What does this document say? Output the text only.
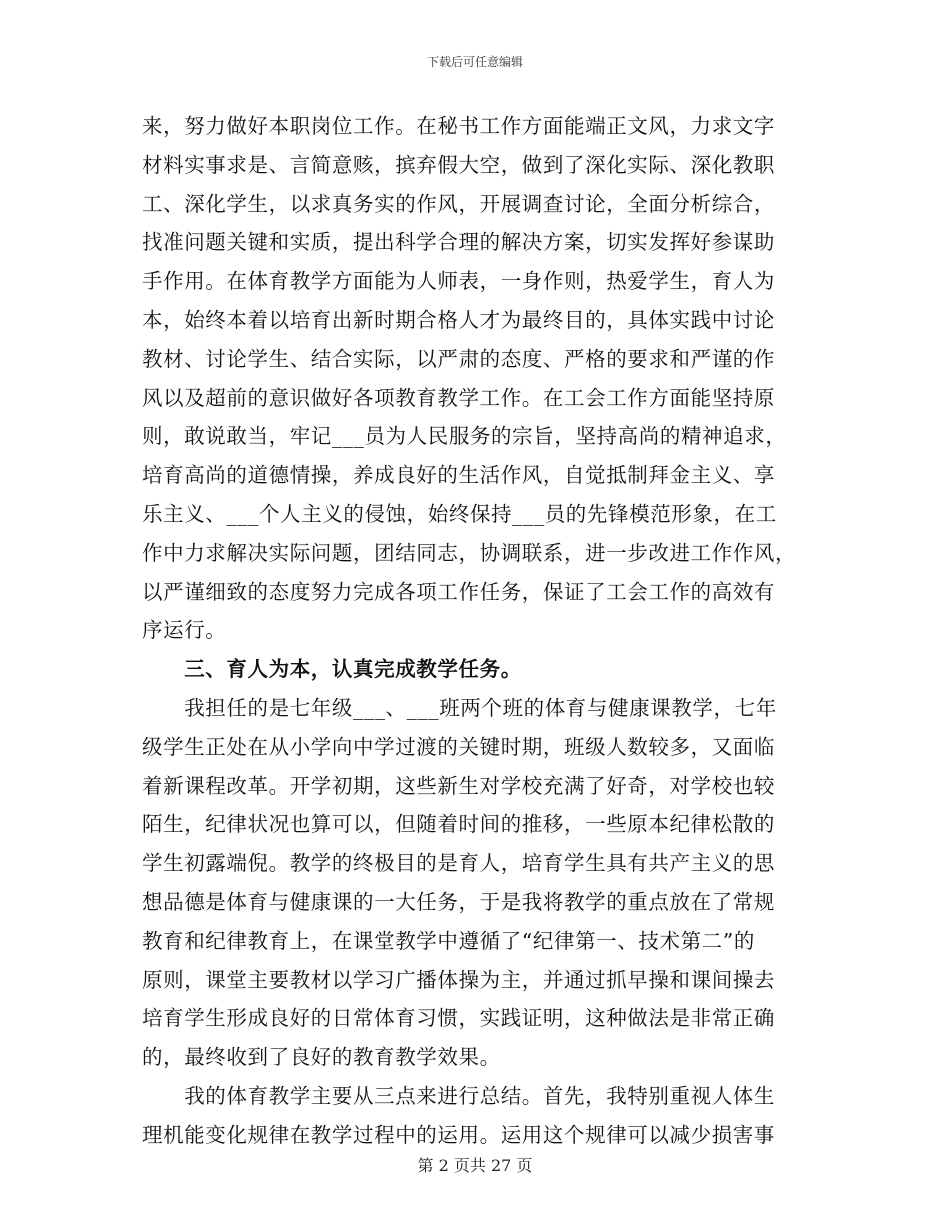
下载后可任意编辑
来，努力做好本职岗位工作。在秘书工作方面能端正文风，力求文字
材料实事求是、言简意赅，摈弃假大空，做到了深化实际、深化教职
工、深化学生，以求真务实的作风，开展调查讨论，全面分析综合，
找准问题关键和实质，提出科学合理的解决方案，切实发挥好参谋助
手作用。在体育教学方面能为人师表，一身作则，热爱学生，育人为
本，始终本着以培育出新时期合格人才为最终目的，具体实践中讨论
教材、讨论学生、结合实际，以严肃的态度、严格的要求和严谨的作
风以及超前的意识做好各项教育教学工作。在工会工作方面能坚持原
则，敢说敢当，牢记___员为人民服务的宗旨，坚持高尚的精神追求，
培育高尚的道德情操，养成良好的生活作风，自觉抵制拜金主义、享
乐主义、___个人主义的侵蚀，始终保持___员的先锋模范形象，在工
作中力求解决实际问题，团结同志，协调联系，进一步改进工作作风，
以严谨细致的态度努力完成各项工作任务，保证了工会工作的高效有
序运行。
　　三、育人为本，认真完成教学任务。
　　我担任的是七年级___、___班两个班的体育与健康课教学，七年
级学生正处在从小学向中学过渡的关键时期，班级人数较多，又面临
着新课程改革。开学初期，这些新生对学校充满了好奇，对学校也较
陌生，纪律状况也算可以，但随着时间的推移，一些原本纪律松散的
学生初露端倪。教学的终极目的是育人，培育学生具有共产主义的思
想品德是体育与健康课的一大任务，于是我将教学的重点放在了常规
教育和纪律教育上，在课堂教学中遵循了“纪律第一、技术第二”的
原则，课堂主要教材以学习广播体操为主，并通过抓早操和课间操去
培育学生形成良好的日常体育习惯，实践证明，这种做法是非常正确
的，最终收到了良好的教育教学效果。
　　我的体育教学主要从三点来进行总结。首先，我特别重视人体生
理机能变化规律在教学过程中的运用。运用这个规律可以减少损害事
第 2 页共 27 页
